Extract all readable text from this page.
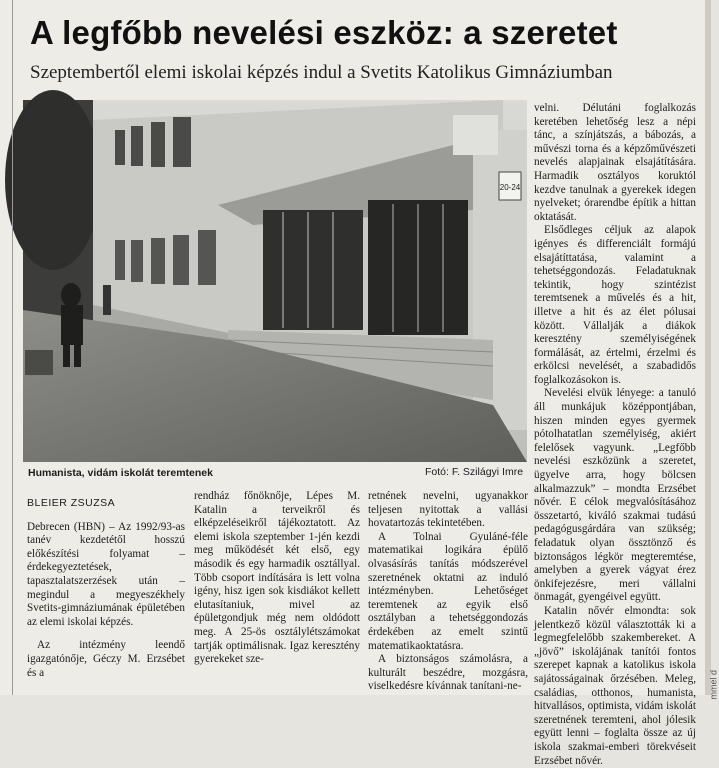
A legfőbb nevelési eszköz: a szeretet
Szeptembertől elemi iskolai képzés indul a Svetits Katolikus Gimnáziumban
20-24
Humanista, vidám iskolát teremtenek	Fotó: F. Szilágyi Imre

velni. Délutáni foglalkozás keretében lehetőség lesz a népi tánc, a színjátszás, a bábozás, a művészi torna és a képzőművészeti nevelés alapjainak elsajátítására. Harmadik osztályos koruktól kezdve tanulnak a gyerekek idegen nyelveket; órarendbe építik a hittan oktatását.

Elsődleges céljuk az alapok igényes és differenciált formájú elsajátíttatása, valamint a tehetséggondozás. Feladatuknak tekintik, hogy szintézist teremtsenek a művelés és a hit, illetve a hit és az élet pólusai között. Vállalják a diákok keresztény személyiségének formálását, az értelmi, érzelmi és erkölcsi nevelését, a szabadidős foglalkozásokon is.

Nevelési elvük lényege: a tanuló áll munkájuk középpontjában, hiszen minden egyes gyermek pótolhatatlan személyiség, akiért felelősek vagyunk. „Legfőbb nevelési eszközünk a szeretet, ügyelve arra, hogy bölcsen alkalmazzuk” – mondta Erzsébet nővér. E célok megvalósításához összetartó, kiváló szakmai tudású pedagógusgárdára van szükség; feladatuk olyan össztönző és biztonságos légkör megteremtése, amelyben a gyerek vágyat érez önkifejezésre, meri vállalni önmagát, gyengéivel együtt.

Katalin nővér elmondta: sok jelentkező közül választották ki a legmegfelelőbb szakembereket. A „jövő” iskolájának tanítói fontos szerepet kapnak a katolikus iskola sajátosságainak őrzésében. Meleg, családias, otthonos, humanista, hitvallásos, optimista, vidám iskolát szeretnének teremteni, ahol jólesik együtt lenni – foglalta össze az új iskola szakmai-emberi törekvéseit Erzsébet nővér.

BLEIER ZSUZSA

Debrecen (HBN) – Az 1992/93-as tanév kezdetétől hosszú előkészítési folyamat – érdekegyeztetések, tapasztalatszerzések után – megindul a megyeszékhely Svetits-gimnáziumának épületében az elemi iskolai képzés.

Az intézmény leendő igazgatónője, Géczy M. Erzsébet és a

rendház főnöknője, Lépes M. Katalin a terveikről és elképzeléseikről tájékoztatott. Az elemi iskola szeptember 1-jén kezdi meg működését két első, egy második és egy harmadik osztállyal. Több csoport indítására is lett volna igény, hisz igen sok kisdiákot kellett elutasítaniuk, mivel az épületgondjuk még nem oldódott meg. A 25-ös osztálylétszámokat tartják optimálisnak. Igaz keresztény gyerekeket sze-

retnének nevelni, ugyanakkor teljesen nyitottak a vallási hovatartozás tekintetében.

A Tolnai Gyuláné-féle matematikai logikára épülő olvasásírás tanítás módszerével szeretnének oktatni az induló intézményben. Lehetőséget teremtenek az egyik első osztályban a tehetséggondozás érdekében az emelt szintű matematikaoktatásra.

A biztonságos számolásra, a kulturált beszédre, mozgásra, viselkedésre kívánnak tanítani-ne-	mmel d
